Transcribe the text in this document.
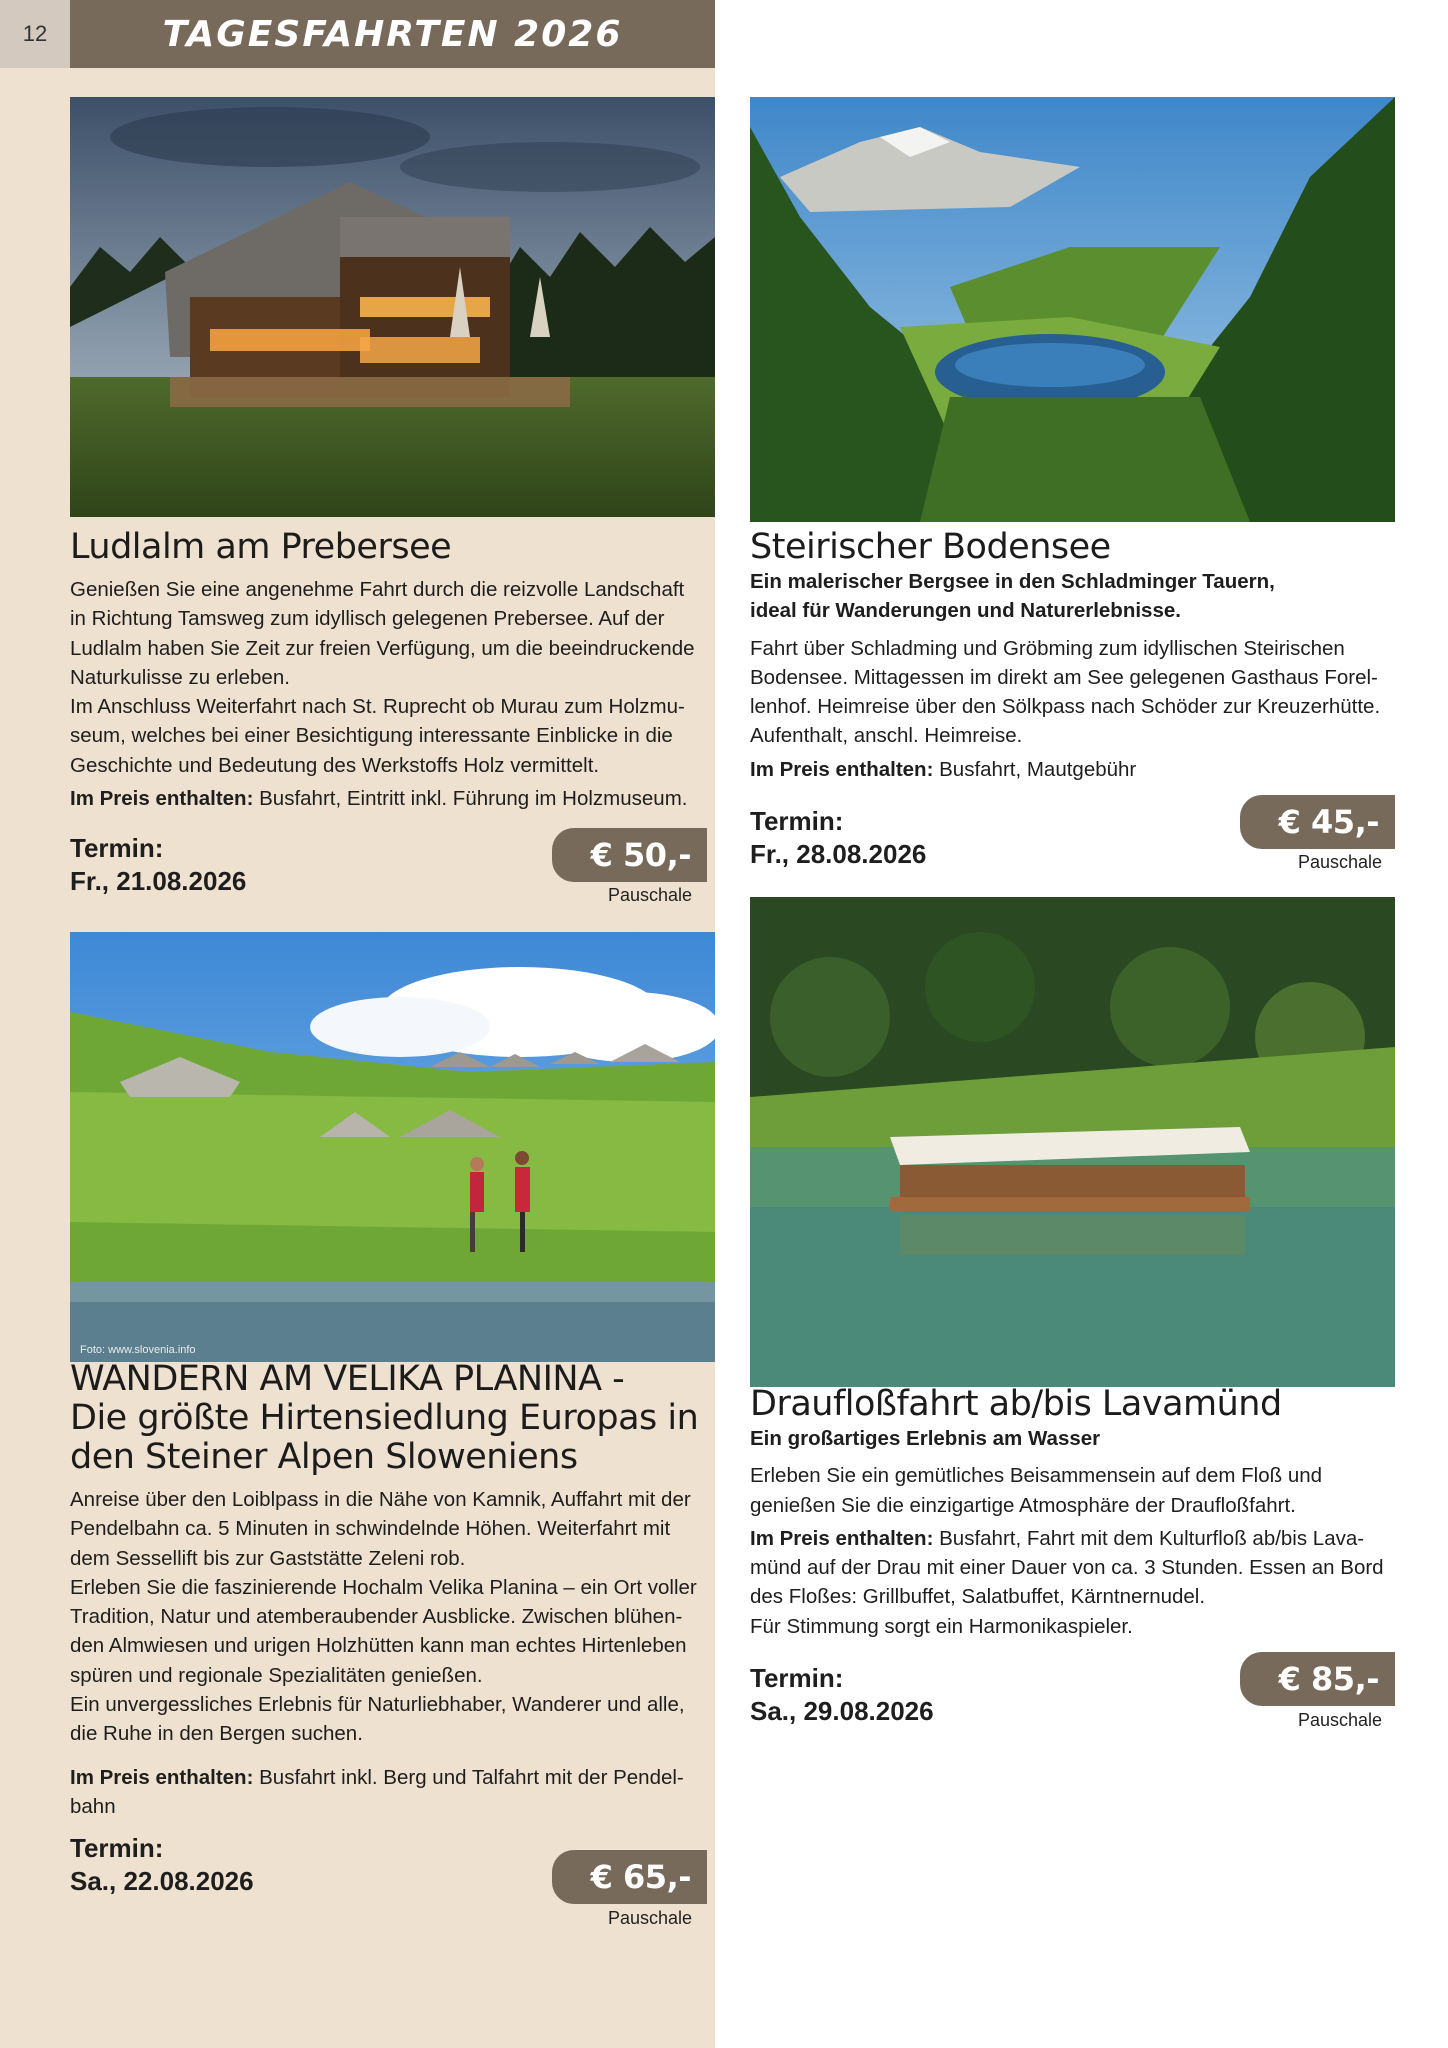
12	TAGESFAHRTEN 2026
Ludlalm am Prebersee

Genießen Sie eine angenehme Fahrt durch die reizvolle Landschaft
in Richtung Tamsweg zum idyllisch gelegenen Prebersee. Auf der
Ludlalm haben Sie Zeit zur freien Verfügung, um die beeindruckende
Naturkulisse zu erleben.
Im Anschluss Weiterfahrt nach St. Ruprecht ob Murau zum Holzmu-
seum, welches bei einer Besichtigung interessante Einblicke in die
Geschichte und Bedeutung des Werkstoffs Holz vermittelt.

Im Preis enthalten: Busfahrt, Eintritt inkl. Führung im Holzmuseum.

Termin:
Fr., 21.08.2026
€ 50,-
Pauschale
Steirischer Bodensee

Ein malerischer Bergsee in den Schladminger Tauern,
ideal für Wanderungen und Naturerlebnisse.

Fahrt über Schladming und Gröbming zum idyllischen Steirischen
Bodensee. Mittagessen im direkt am See gelegenen Gasthaus Forel-
lenhof. Heimreise über den Sölkpass nach Schöder zur Kreuzerhütte.
Aufenthalt, anschl. Heimreise.

Im Preis enthalten: Busfahrt, Mautgebühr

Termin:
Fr., 28.08.2026
€ 45,-
Pauschale
Foto: www.slovenia.info
WANDERN AM VELIKA PLANINA -
Die größte Hirtensiedlung Europas in
den Steiner Alpen Sloweniens

Anreise über den Loiblpass in die Nähe von Kamnik, Auffahrt mit der
Pendelbahn ca. 5 Minuten in schwindelnde Höhen. Weiterfahrt mit
dem Sessellift bis zur Gaststätte Zeleni rob.
Erleben Sie die faszinierende Hochalm Velika Planina – ein Ort voller
Tradition, Natur und atemberaubender Ausblicke. Zwischen blühen-
den Almwiesen und urigen Holzhütten kann man echtes Hirtenleben
spüren und regionale Spezialitäten genießen.
Ein unvergessliches Erlebnis für Naturliebhaber, Wanderer und alle,
die Ruhe in den Bergen suchen.

Im Preis enthalten: Busfahrt inkl. Berg und Talfahrt mit der Pendel-
bahn

Termin:
Sa., 22.08.2026	€ 65,-
Pauschale
Draufloßfahrt ab/bis Lavamünd

Ein großartiges Erlebnis am Wasser

Erleben Sie ein gemütliches Beisammensein auf dem Floß und
genießen Sie die einzigartige Atmosphäre der Draufloßfahrt.

Im Preis enthalten: Busfahrt, Fahrt mit dem Kulturfloß ab/bis Lava-
münd auf der Drau mit einer Dauer von ca. 3 Stunden. Essen an Bord
des Floßes: Grillbuffet, Salatbuffet, Kärntnernudel.
Für Stimmung sorgt ein Harmonikaspieler.

Termin:
Sa., 29.08.2026
€ 85,-
Pauschale
